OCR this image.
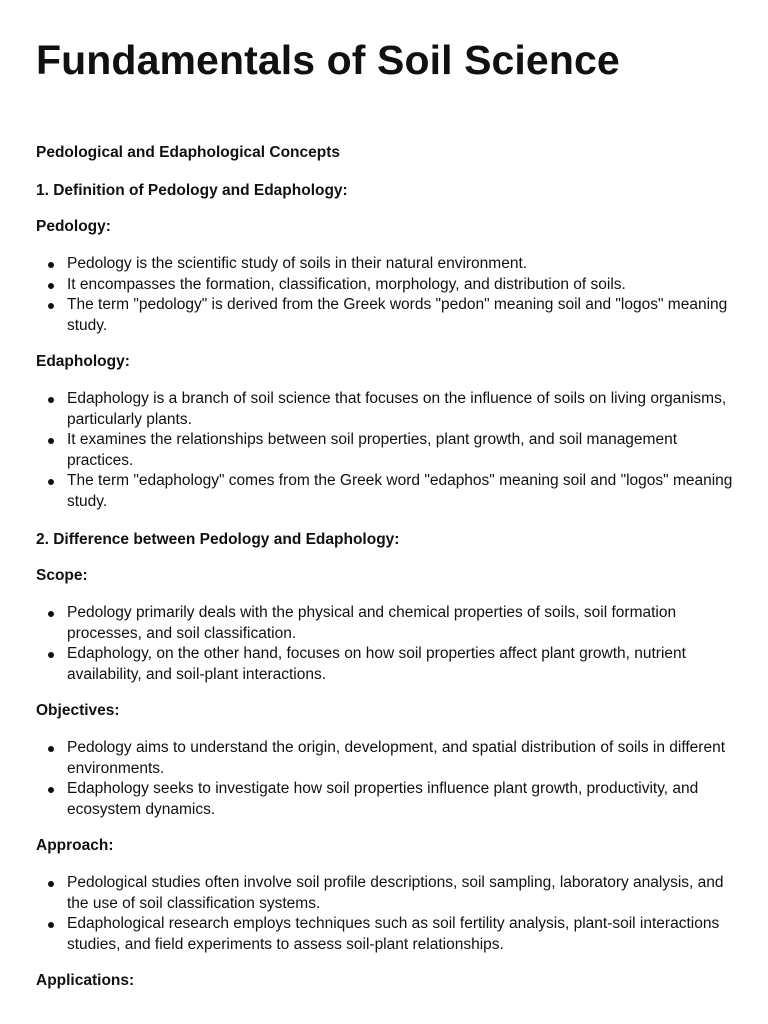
Fundamentals of Soil Science

Pedological and Edaphological Concepts

1. Definition of Pedology and Edaphology:

Pedology:

Pedology is the scientific study of soils in their natural environment.
It encompasses the formation, classification, morphology, and distribution of soils.
The term "pedology" is derived from the Greek words "pedon" meaning soil and "logos" meaning study.

Edaphology:

Edaphology is a branch of soil science that focuses on the influence of soils on living organisms, particularly plants.
It examines the relationships between soil properties, plant growth, and soil management practices.
The term "edaphology" comes from the Greek word "edaphos" meaning soil and "logos" meaning study.

2. Difference between Pedology and Edaphology:

Scope:

Pedology primarily deals with the physical and chemical properties of soils, soil formation processes, and soil classification.
Edaphology, on the other hand, focuses on how soil properties affect plant growth, nutrient availability, and soil-plant interactions.

Objectives:

Pedology aims to understand the origin, development, and spatial distribution of soils in different environments.
Edaphology seeks to investigate how soil properties influence plant growth, productivity, and ecosystem dynamics.

Approach:

Pedological studies often involve soil profile descriptions, soil sampling, laboratory analysis, and the use of soil classification systems.
Edaphological research employs techniques such as soil fertility analysis, plant-soil interactions studies, and field experiments to assess soil-plant relationships.

Applications:
